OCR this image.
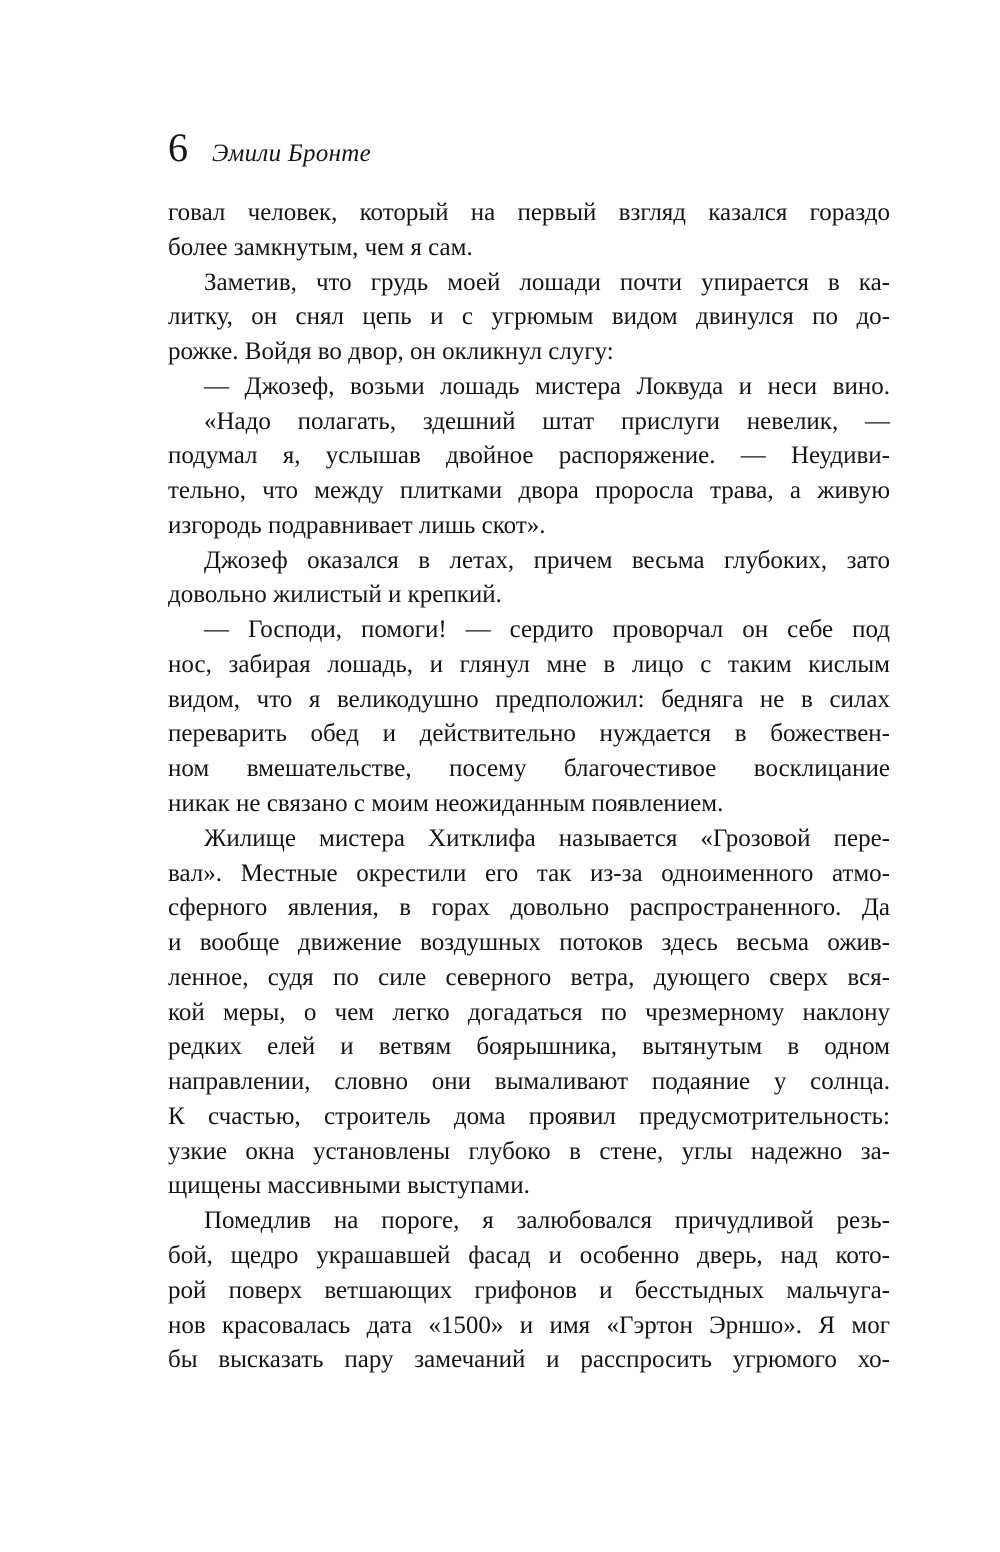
6 Эмили Бронте
говал человек, который на первый взгляд казался гораздо
более замкнутым, чем я сам.
Заметив, что грудь моей лошади почти упирается в ка-
литку, он снял цепь и с угрюмым видом двинулся по до-
рожке. Войдя во двор, он окликнул слугу:
— Джозеф, возьми лошадь мистера Локвуда и неси вино.
«Надо полагать, здешний штат прислуги невелик, —
подумал я, услышав двойное распоряжение. — Неудиви-
тельно, что между плитками двора проросла трава, а живую
изгородь подравнивает лишь скот».
Джозеф оказался в летах, причем весьма глубоких, зато
довольно жилистый и крепкий.
— Господи, помоги! — сердито проворчал он себе под
нос, забирая лошадь, и глянул мне в лицо с таким кислым
видом, что я великодушно предположил: бедняга не в силах
переварить обед и действительно нуждается в божествен-
ном вмешательстве, посему благочестивое восклицание
никак не связано с моим неожиданным появлением.
Жилище мистера Хитклифа называется «Грозовой пере-
вал». Местные окрестили его так из-за одноименного атмо-
сферного явления, в горах довольно распространенного. Да
и вообще движение воздушных потоков здесь весьма ожив-
ленное, судя по силе северного ветра, дующего сверх вся-
кой меры, о чем легко догадаться по чрезмерному наклону
редких елей и ветвям боярышника, вытянутым в одном
направлении, словно они вымаливают подаяние у солнца.
К счастью, строитель дома проявил предусмотрительность:
узкие окна установлены глубоко в стене, углы надежно за-
щищены массивными выступами.
Помедлив на пороге, я залюбовался причудливой резь-
бой, щедро украшавшей фасад и особенно дверь, над кото-
рой поверх ветшающих грифонов и бесстыдных мальчуга-
нов красовалась дата «1500» и имя «Гэртон Эрншо». Я мог
бы высказать пару замечаний и расспросить угрюмого хо-
